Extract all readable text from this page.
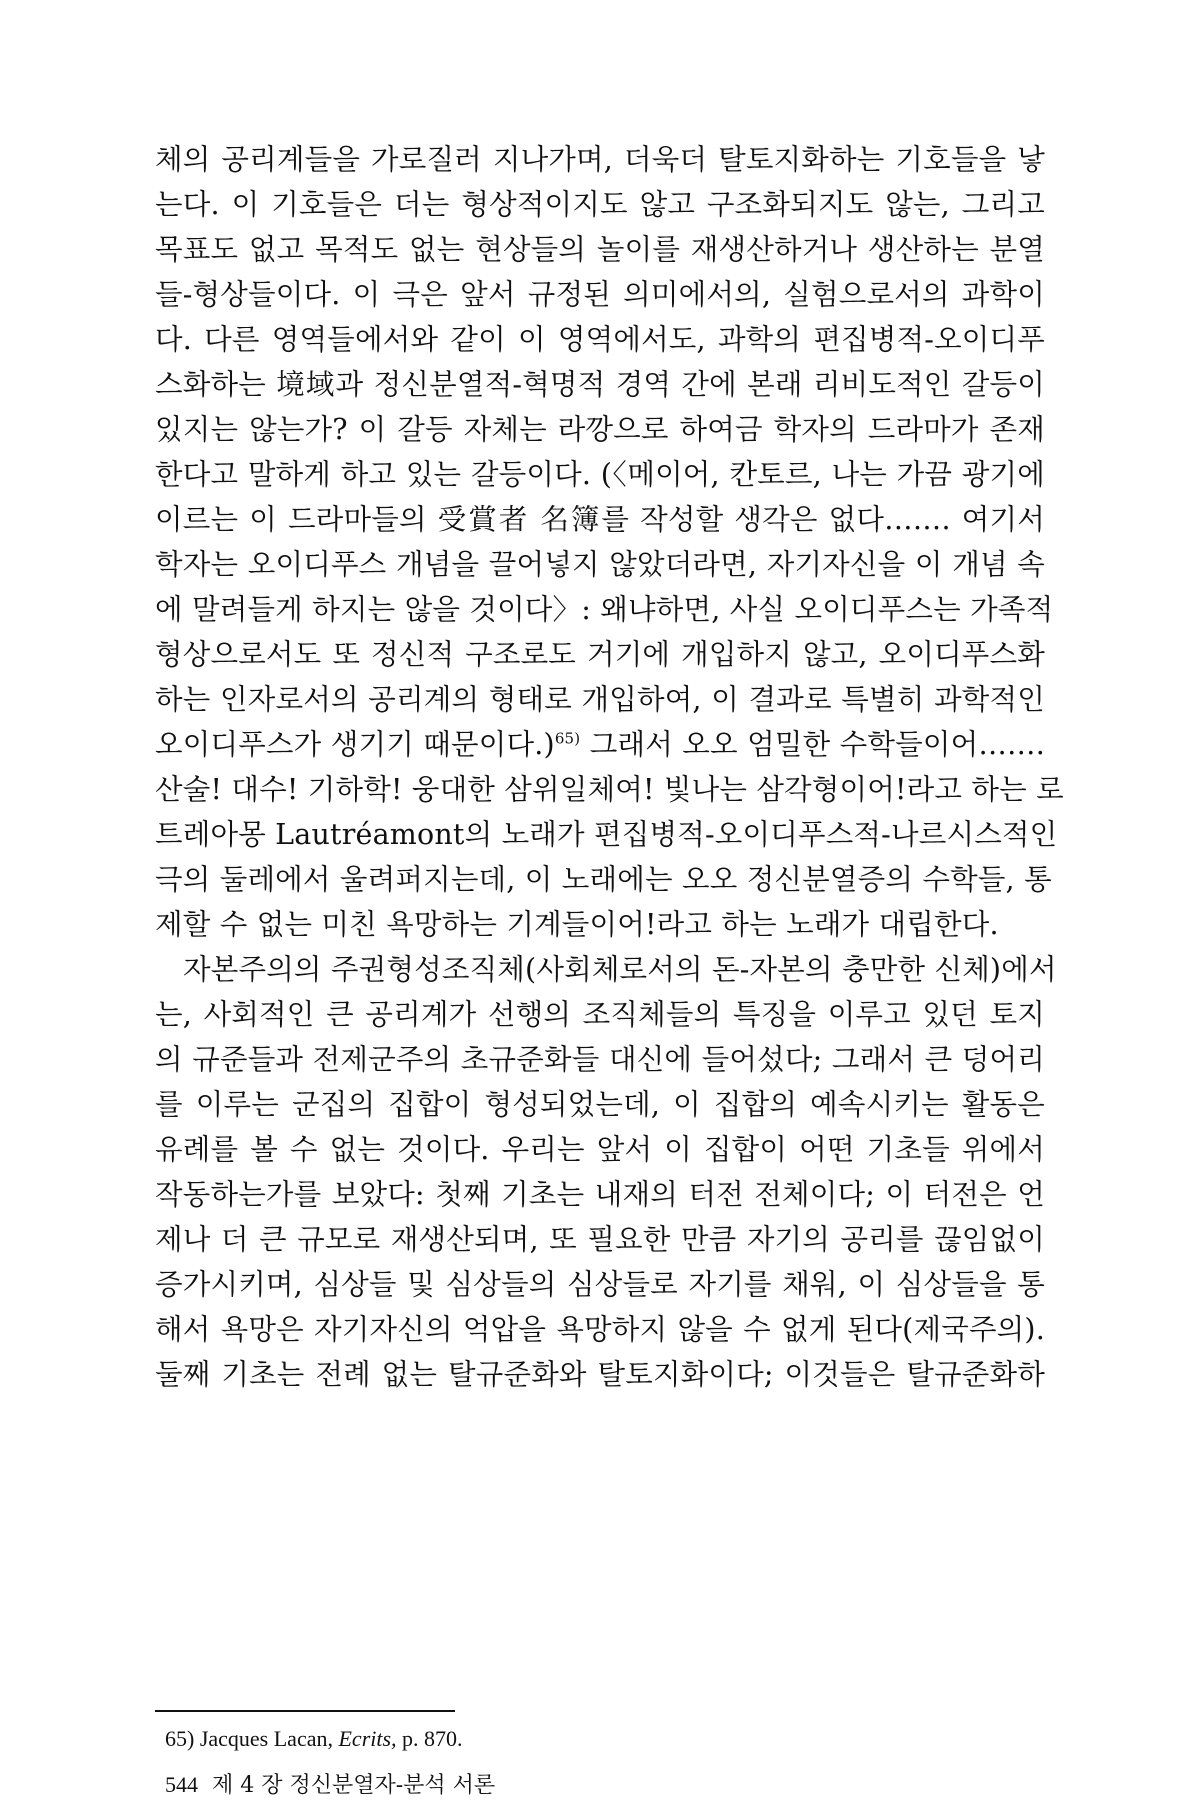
체의 공리계들을 가로질러 지나가며, 더욱더 탈토지화하는 기호들을 낳
는다. 이 기호들은 더는 형상적이지도 않고 구조화되지도 않는, 그리고
목표도 없고 목적도 없는 현상들의 놀이를 재생산하거나 생산하는 분열
들-형상들이다. 이 극은 앞서 규정된 의미에서의, 실험으로서의 과학이
다. 다른 영역들에서와 같이 이 영역에서도, 과학의 편집병적-오이디푸
스화하는 境域과 정신분열적-혁명적 경역 간에 본래 리비도적인 갈등이
있지는 않는가? 이 갈등 자체는 라깡으로 하여금 학자의 드라마가 존재
한다고 말하게 하고 있는 갈등이다. (〈메이어, 칸토르, 나는 가끔 광기에
이르는 이 드라마들의 受賞者 名簿를 작성할 생각은 없다……. 여기서
학자는 오이디푸스 개념을 끌어넣지 않았더라면, 자기자신을 이 개념 속
에 말려들게 하지는 않을 것이다〉: 왜냐하면, 사실 오이디푸스는 가족적
형상으로서도 또 정신적 구조로도 거기에 개입하지 않고, 오이디푸스화
하는 인자로서의 공리계의 형태로 개입하여, 이 결과로 특별히 과학적인
오이디푸스가 생기기 때문이다.)$^{65)}$ 그래서 오오 엄밀한 수학들이어…….
산술! 대수! 기하학! 웅대한 삼위일체여! 빛나는 삼각형이어!라고 하는 로
트레아몽 Lautréamont의 노래가 편집병적-오이디푸스적-나르시스적인
극의 둘레에서 울려퍼지는데, 이 노래에는 오오 정신분열증의 수학들, 통
제할 수 없는 미친 욕망하는 기계들이어!라고 하는 노래가 대립한다.
자본주의의 주권형성조직체(사회체로서의 돈-자본의 충만한 신체)에서
는, 사회적인 큰 공리계가 선행의 조직체들의 특징을 이루고 있던 토지
의 규준들과 전제군주의 초규준화들 대신에 들어섰다; 그래서 큰 덩어리
를 이루는 군집의 집합이 형성되었는데, 이 집합의 예속시키는 활동은
유례를 볼 수 없는 것이다. 우리는 앞서 이 집합이 어떤 기초들 위에서
작동하는가를 보았다: 첫째 기초는 내재의 터전 전체이다; 이 터전은 언
제나 더 큰 규모로 재생산되며, 또 필요한 만큼 자기의 공리를 끊임없이
증가시키며, 심상들 및 심상들의 심상들로 자기를 채워, 이 심상들을 통
해서 욕망은 자기자신의 억압을 욕망하지 않을 수 없게 된다(제국주의).
둘째 기초는 전례 없는 탈규준화와 탈토지화이다; 이것들은 탈규준화하
65) Jacques Lacan, Ecrits, p. 870.
544 제 4 장 정신분열자-분석 서론
